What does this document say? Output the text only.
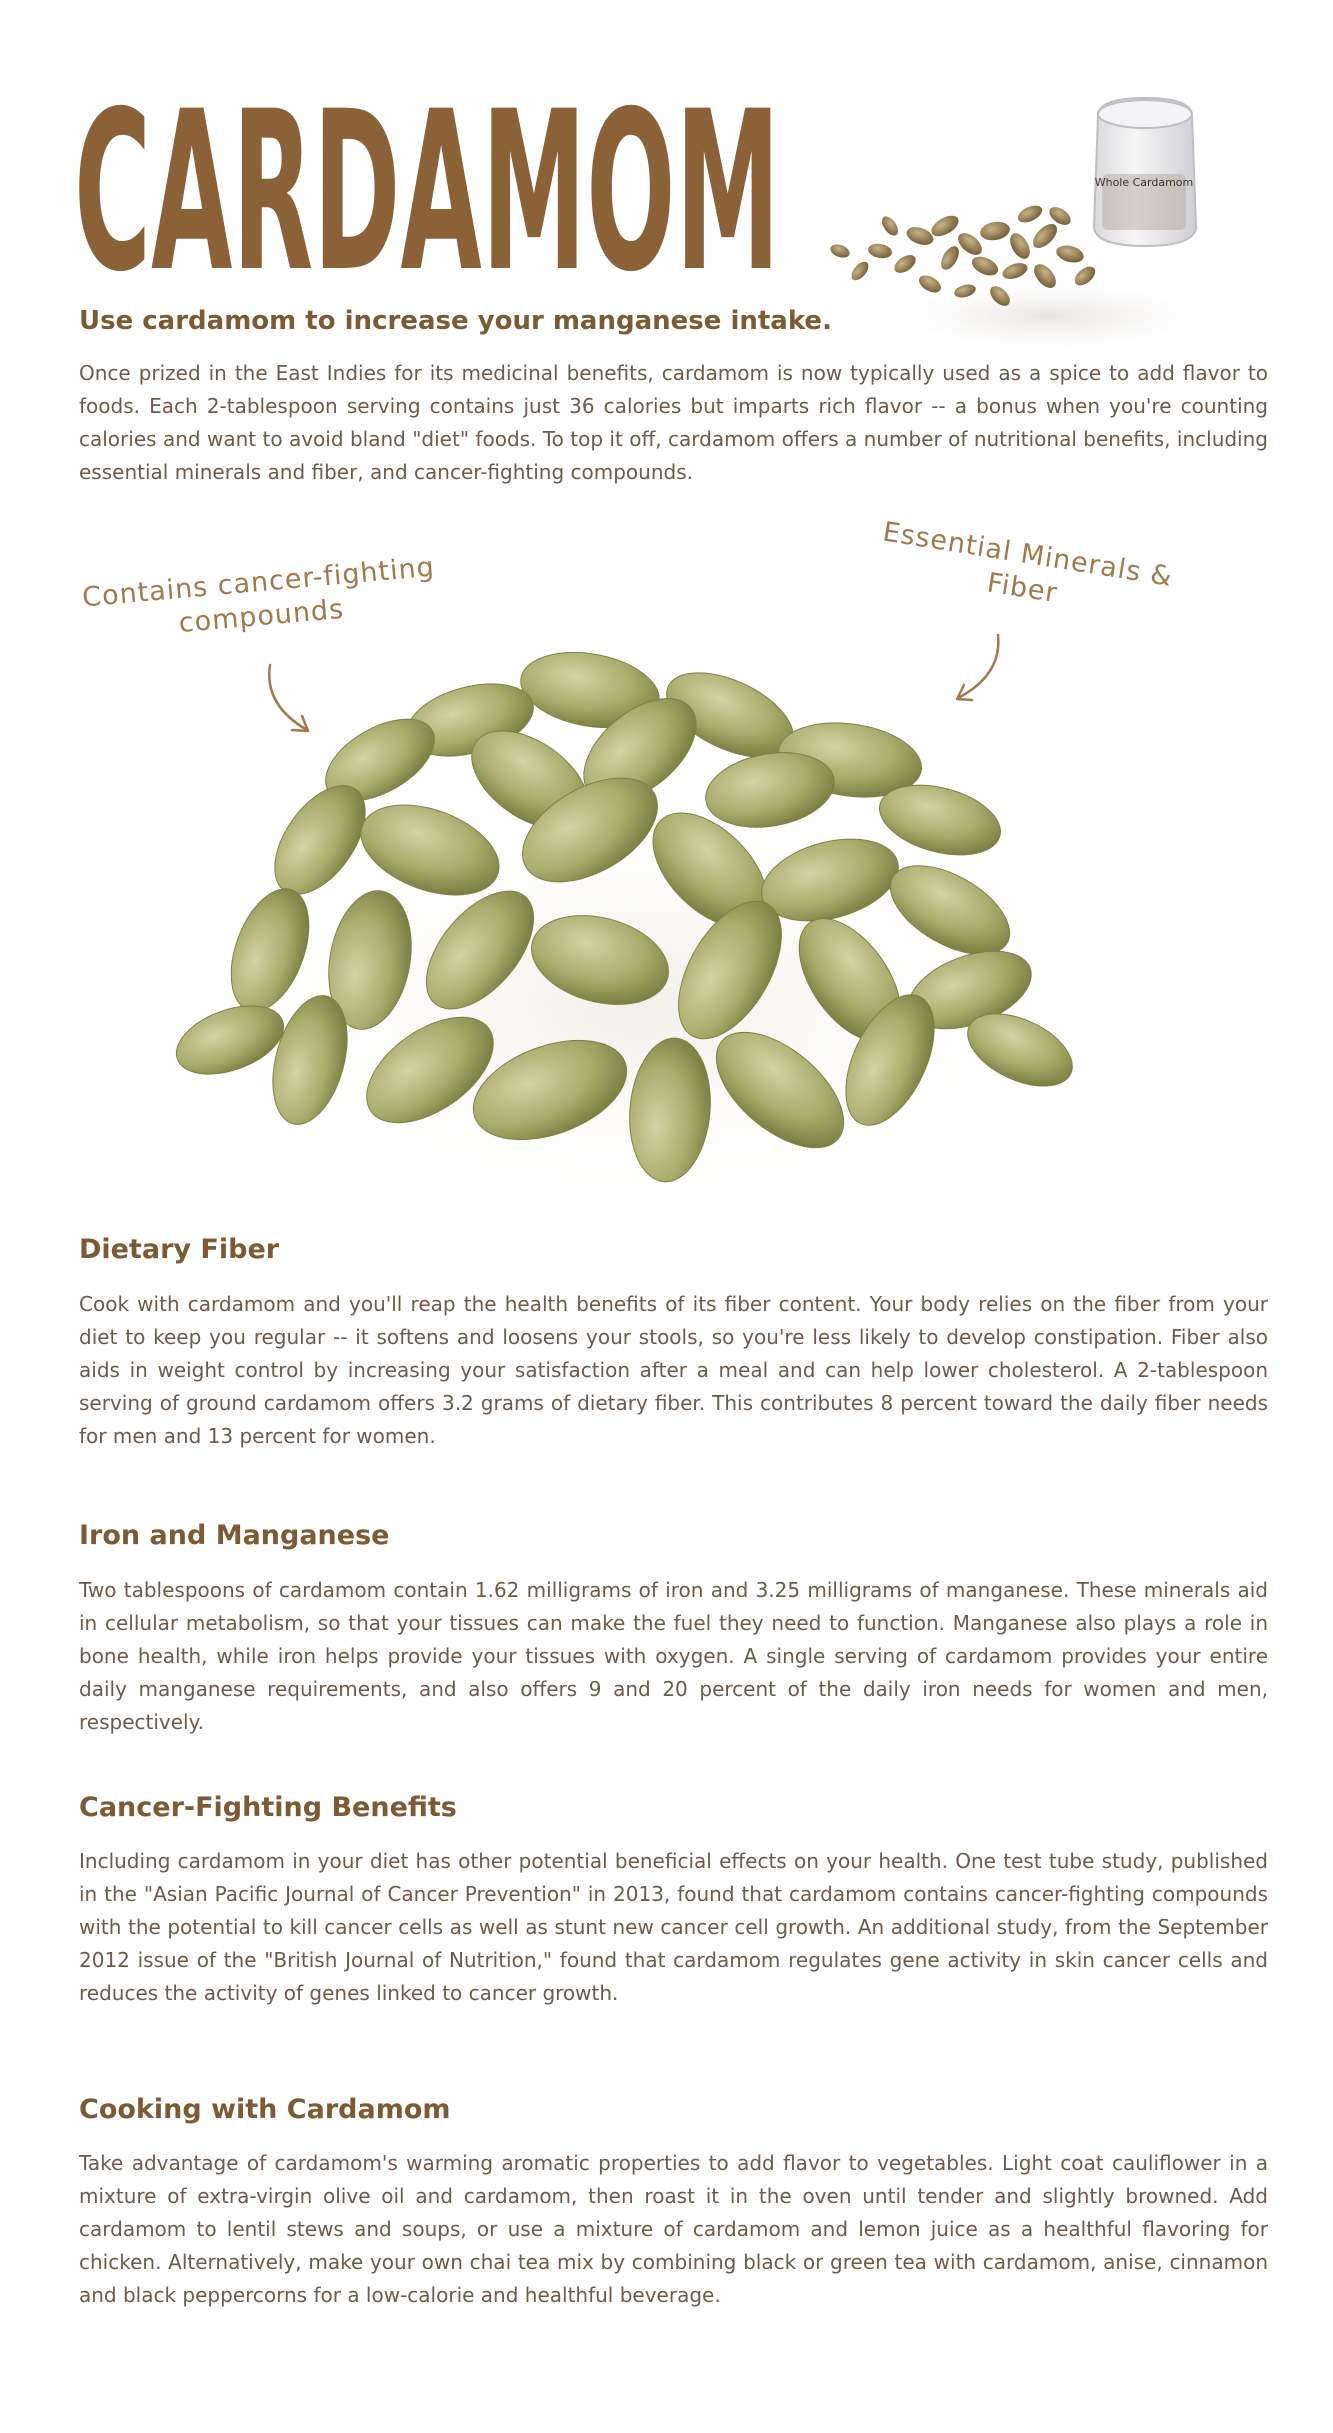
CARDAMOM	Whole Cardamom
Use cardamom to increase your manganese intake.

Once prized in the East Indies for its medicinal benefits, cardamom is now typically used as a spice to add flavor to foods. Each 2-tablespoon serving contains just 36 calories but imparts rich flavor -- a bonus when you're counting calories and want to avoid bland "diet" foods. To top it off, cardamom offers a number of nutritional benefits, including essential minerals and fiber, and cancer-fighting compounds.

Contains cancer-fighting compounds

Essential Minerals & Fiber

Dietary Fiber

Cook with cardamom and you'll reap the health benefits of its fiber content. Your body relies on the fiber from your diet to keep you regular -- it softens and loosens your stools, so you're less likely to develop constipation. Fiber also aids in weight control by increasing your satisfaction after a meal and can help lower cholesterol. A 2-tablespoon serving of ground cardamom offers 3.2 grams of dietary fiber. This contributes 8 percent toward the daily fiber needs for men and 13 percent for women.

Iron and Manganese

Two tablespoons of cardamom contain 1.62 milligrams of iron and 3.25 milligrams of manganese. These minerals aid in cellular metabolism, so that your tissues can make the fuel they need to function. Manganese also plays a role in bone health, while iron helps provide your tissues with oxygen. A single serving of cardamom provides your entire daily manganese requirements, and also offers 9 and 20 percent of the daily iron needs for women and men, respectively.

Cancer-Fighting Benefits

Including cardamom in your diet has other potential beneficial effects on your health. One test tube study, published in the "Asian Pacific Journal of Cancer Prevention" in 2013, found that cardamom contains cancer-fighting compounds with the potential to kill cancer cells as well as stunt new cancer cell growth. An additional study, from the September 2012 issue of the "British Journal of Nutrition," found that cardamom regulates gene activity in skin cancer cells and reduces the activity of genes linked to cancer growth.

Cooking with Cardamom

Take advantage of cardamom's warming aromatic properties to add flavor to vegetables. Light coat cauliflower in a mixture of extra-virgin olive oil and cardamom, then roast it in the oven until tender and slightly browned. Add cardamom to lentil stews and soups, or use a mixture of cardamom and lemon juice as a healthful flavoring for chicken. Alternatively, make your own chai tea mix by combining black or green tea with cardamom, anise, cinnamon and black peppercorns for a low-calorie and healthful beverage.
